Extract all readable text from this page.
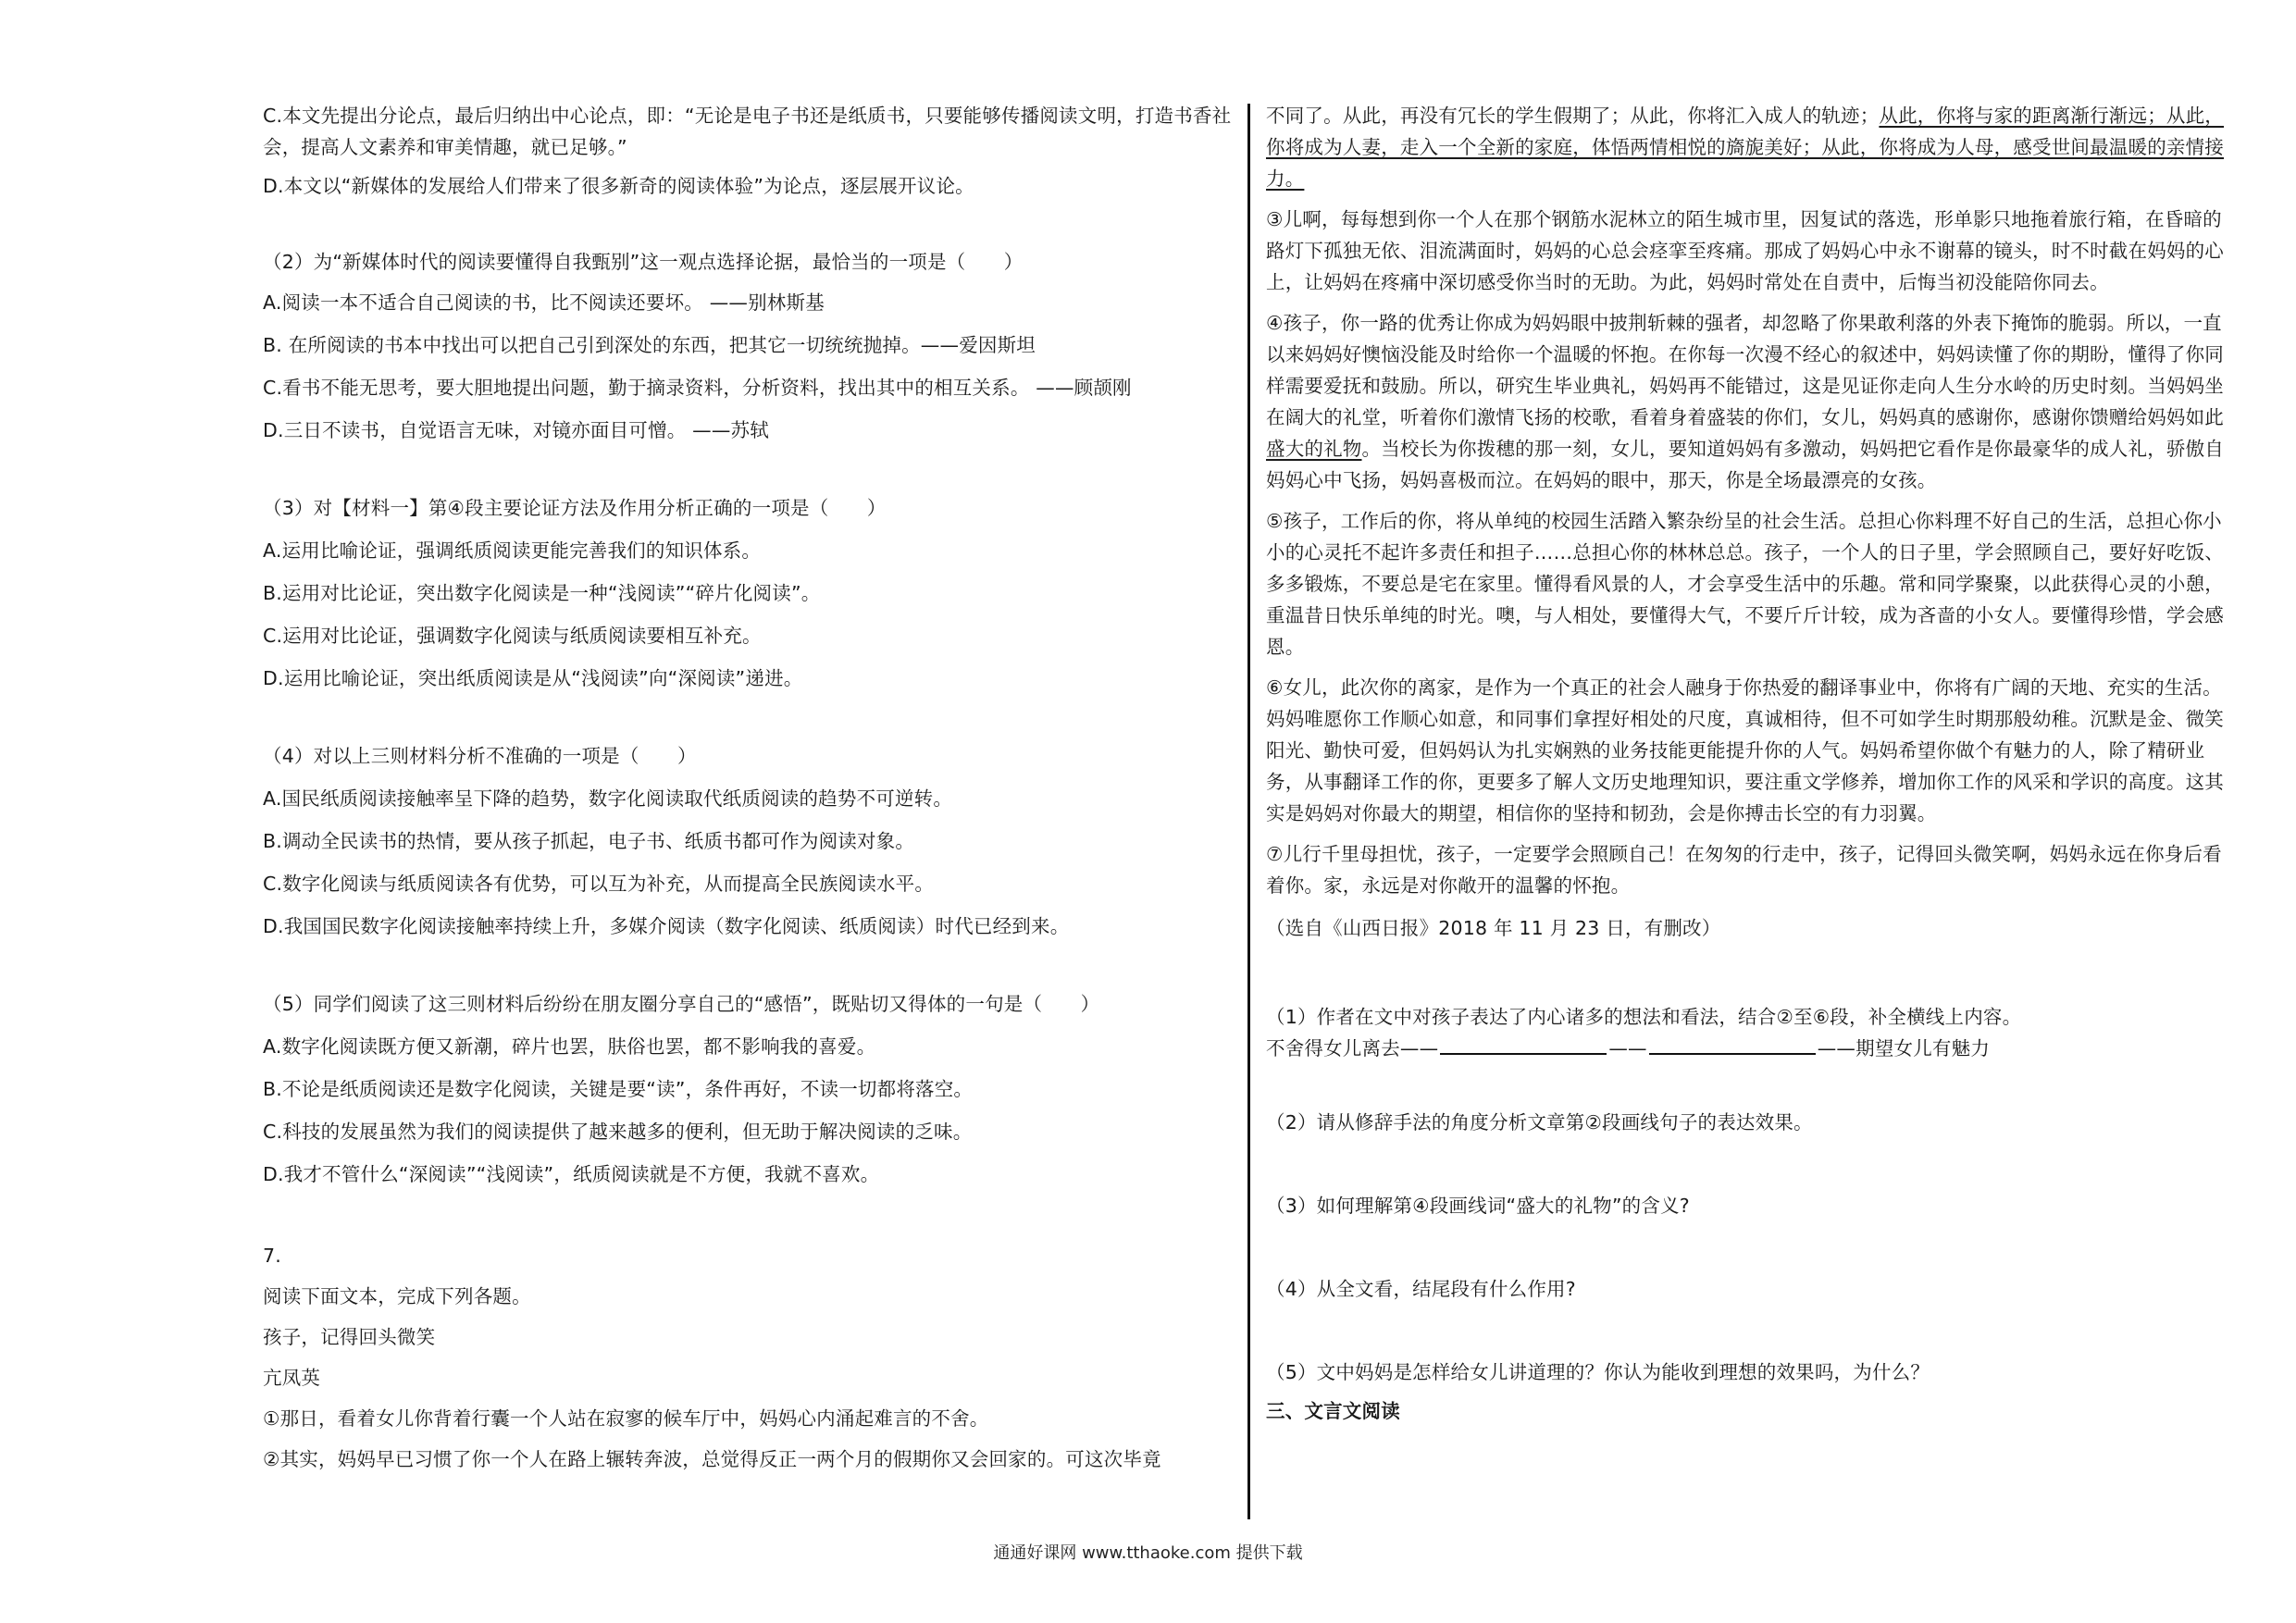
C.本文先提出分论点，最后归纳出中心论点，即：“无论是电子书还是纸质书，只要能够传播阅读文明，打造书香社会，提高人文素养和审美情趣，就已足够。”

D.本文以“新媒体的发展给人们带来了很多新奇的阅读体验”为论点，逐层展开议论。

（2）为“新媒体时代的阅读要懂得自我甄别”这一观点选择论据，最恰当的一项是（　　）

A.阅读一本不适合自己阅读的书，比不阅读还要坏。 ——别林斯基

B. 在所阅读的书本中找出可以把自己引到深处的东西，把其它一切统统抛掉。——爱因斯坦

C.看书不能无思考，要大胆地提出问题，勤于摘录资料，分析资料，找出其中的相互关系。 ——顾颉刚

D.三日不读书，自觉语言无味，对镜亦面目可憎。 ——苏轼

（3）对【材料一】第④段主要论证方法及作用分析正确的一项是（　　）

A.运用比喻论证，强调纸质阅读更能完善我们的知识体系。

B.运用对比论证，突出数字化阅读是一种“浅阅读”“碎片化阅读”。

C.运用对比论证，强调数字化阅读与纸质阅读要相互补充。

D.运用比喻论证，突出纸质阅读是从“浅阅读”向“深阅读”递进。

（4）对以上三则材料分析不准确的一项是（　　）

A.国民纸质阅读接触率呈下降的趋势，数字化阅读取代纸质阅读的趋势不可逆转。

B.调动全民读书的热情，要从孩子抓起，电子书、纸质书都可作为阅读对象。

C.数字化阅读与纸质阅读各有优势，可以互为补充，从而提高全民族阅读水平。

D.我国国民数字化阅读接触率持续上升，多媒介阅读（数字化阅读、纸质阅读）时代已经到来。

（5）同学们阅读了这三则材料后纷纷在朋友圈分享自己的“感悟”，既贴切又得体的一句是（　　）

A.数字化阅读既方便又新潮，碎片也罢，肤俗也罢，都不影响我的喜爱。

B.不论是纸质阅读还是数字化阅读，关键是要“读”，条件再好，不读一切都将落空。

C.科技的发展虽然为我们的阅读提供了越来越多的便利，但无助于解决阅读的乏味。

D.我才不管什么“深阅读”“浅阅读”，纸质阅读就是不方便，我就不喜欢。

7.

阅读下面文本，完成下列各题。

孩子，记得回头微笑

亢凤英

①那日，看着女儿你背着行囊一个人站在寂寥的候车厅中，妈妈心内涌起难言的不舍。

②其实，妈妈早已习惯了你一个人在路上辗转奔波，总觉得反正一两个月的假期你又会回家的。可这次毕竟

不同了。从此，再没有冗长的学生假期了；从此，你将汇入成人的轨迹；从此，你将与家的距离渐行渐远；从此，你将成为人妻，走入一个全新的家庭，体悟两情相悦的旖旎美好；从此，你将成为人母，感受世间最温暖的亲情接力。

③儿啊，每每想到你一个人在那个钢筋水泥林立的陌生城市里，因复试的落选，形单影只地拖着旅行箱，在昏暗的路灯下孤独无依、泪流满面时，妈妈的心总会痉挛至疼痛。那成了妈妈心中永不谢幕的镜头，时不时截在妈妈的心上，让妈妈在疼痛中深切感受你当时的无助。为此，妈妈时常处在自责中，后悔当初没能陪你同去。

④孩子，你一路的优秀让你成为妈妈眼中披荆斩棘的强者，却忽略了你果敢利落的外表下掩饰的脆弱。所以，一直以来妈妈好懊恼没能及时给你一个温暖的怀抱。在你每一次漫不经心的叙述中，妈妈读懂了你的期盼，懂得了你同样需要爱抚和鼓励。所以，研究生毕业典礼，妈妈再不能错过，这是见证你走向人生分水岭的历史时刻。当妈妈坐在阔大的礼堂，听着你们激情飞扬的校歌，看着身着盛装的你们，女儿，妈妈真的感谢你，感谢你馈赠给妈妈如此盛大的礼物。当校长为你拨穗的那一刻，女儿，要知道妈妈有多激动，妈妈把它看作是你最豪华的成人礼，骄傲自妈妈心中飞扬，妈妈喜极而泣。在妈妈的眼中，那天，你是全场最漂亮的女孩。

⑤孩子，工作后的你，将从单纯的校园生活踏入繁杂纷呈的社会生活。总担心你料理不好自己的生活，总担心你小小的心灵托不起许多责任和担子……总担心你的林林总总。孩子，一个人的日子里，学会照顾自己，要好好吃饭、多多锻炼，不要总是宅在家里。懂得看风景的人，才会享受生活中的乐趣。常和同学聚聚，以此获得心灵的小憩，重温昔日快乐单纯的时光。噢，与人相处，要懂得大气，不要斤斤计较，成为吝啬的小女人。要懂得珍惜，学会感恩。

⑥女儿，此次你的离家，是作为一个真正的社会人融身于你热爱的翻译事业中，你将有广阔的天地、充实的生活。妈妈唯愿你工作顺心如意，和同事们拿捏好相处的尺度，真诚相待，但不可如学生时期那般幼稚。沉默是金、微笑阳光、勤快可爱，但妈妈认为扎实娴熟的业务技能更能提升你的人气。妈妈希望你做个有魅力的人，除了精研业务，从事翻译工作的你，更要多了解人文历史地理知识，要注重文学修养，增加你工作的风采和学识的高度。这其实是妈妈对你最大的期望，相信你的坚持和韧劲，会是你搏击长空的有力羽翼。

⑦儿行千里母担忧，孩子，一定要学会照顾自己！在匆匆的行走中，孩子，记得回头微笑啊，妈妈永远在你身后看着你。家，永远是对你敞开的温馨的怀抱。

（选自《山西日报》2018 年 11 月 23 日，有删改）

（1）作者在文中对孩子表达了内心诸多的想法和看法，结合②至⑥段，补全横线上内容。

不舍得女儿离去——	——	——期望女儿有魅力

（2）请从修辞手法的角度分析文章第②段画线句子的表达效果。

（3）如何理解第④段画线词“盛大的礼物”的含义?

（4）从全文看，结尾段有什么作用?

（5）文中妈妈是怎样给女儿讲道理的？你认为能收到理想的效果吗，为什么？

三、文言文阅读

通通好课网 www.tthaoke.com 提供下载
